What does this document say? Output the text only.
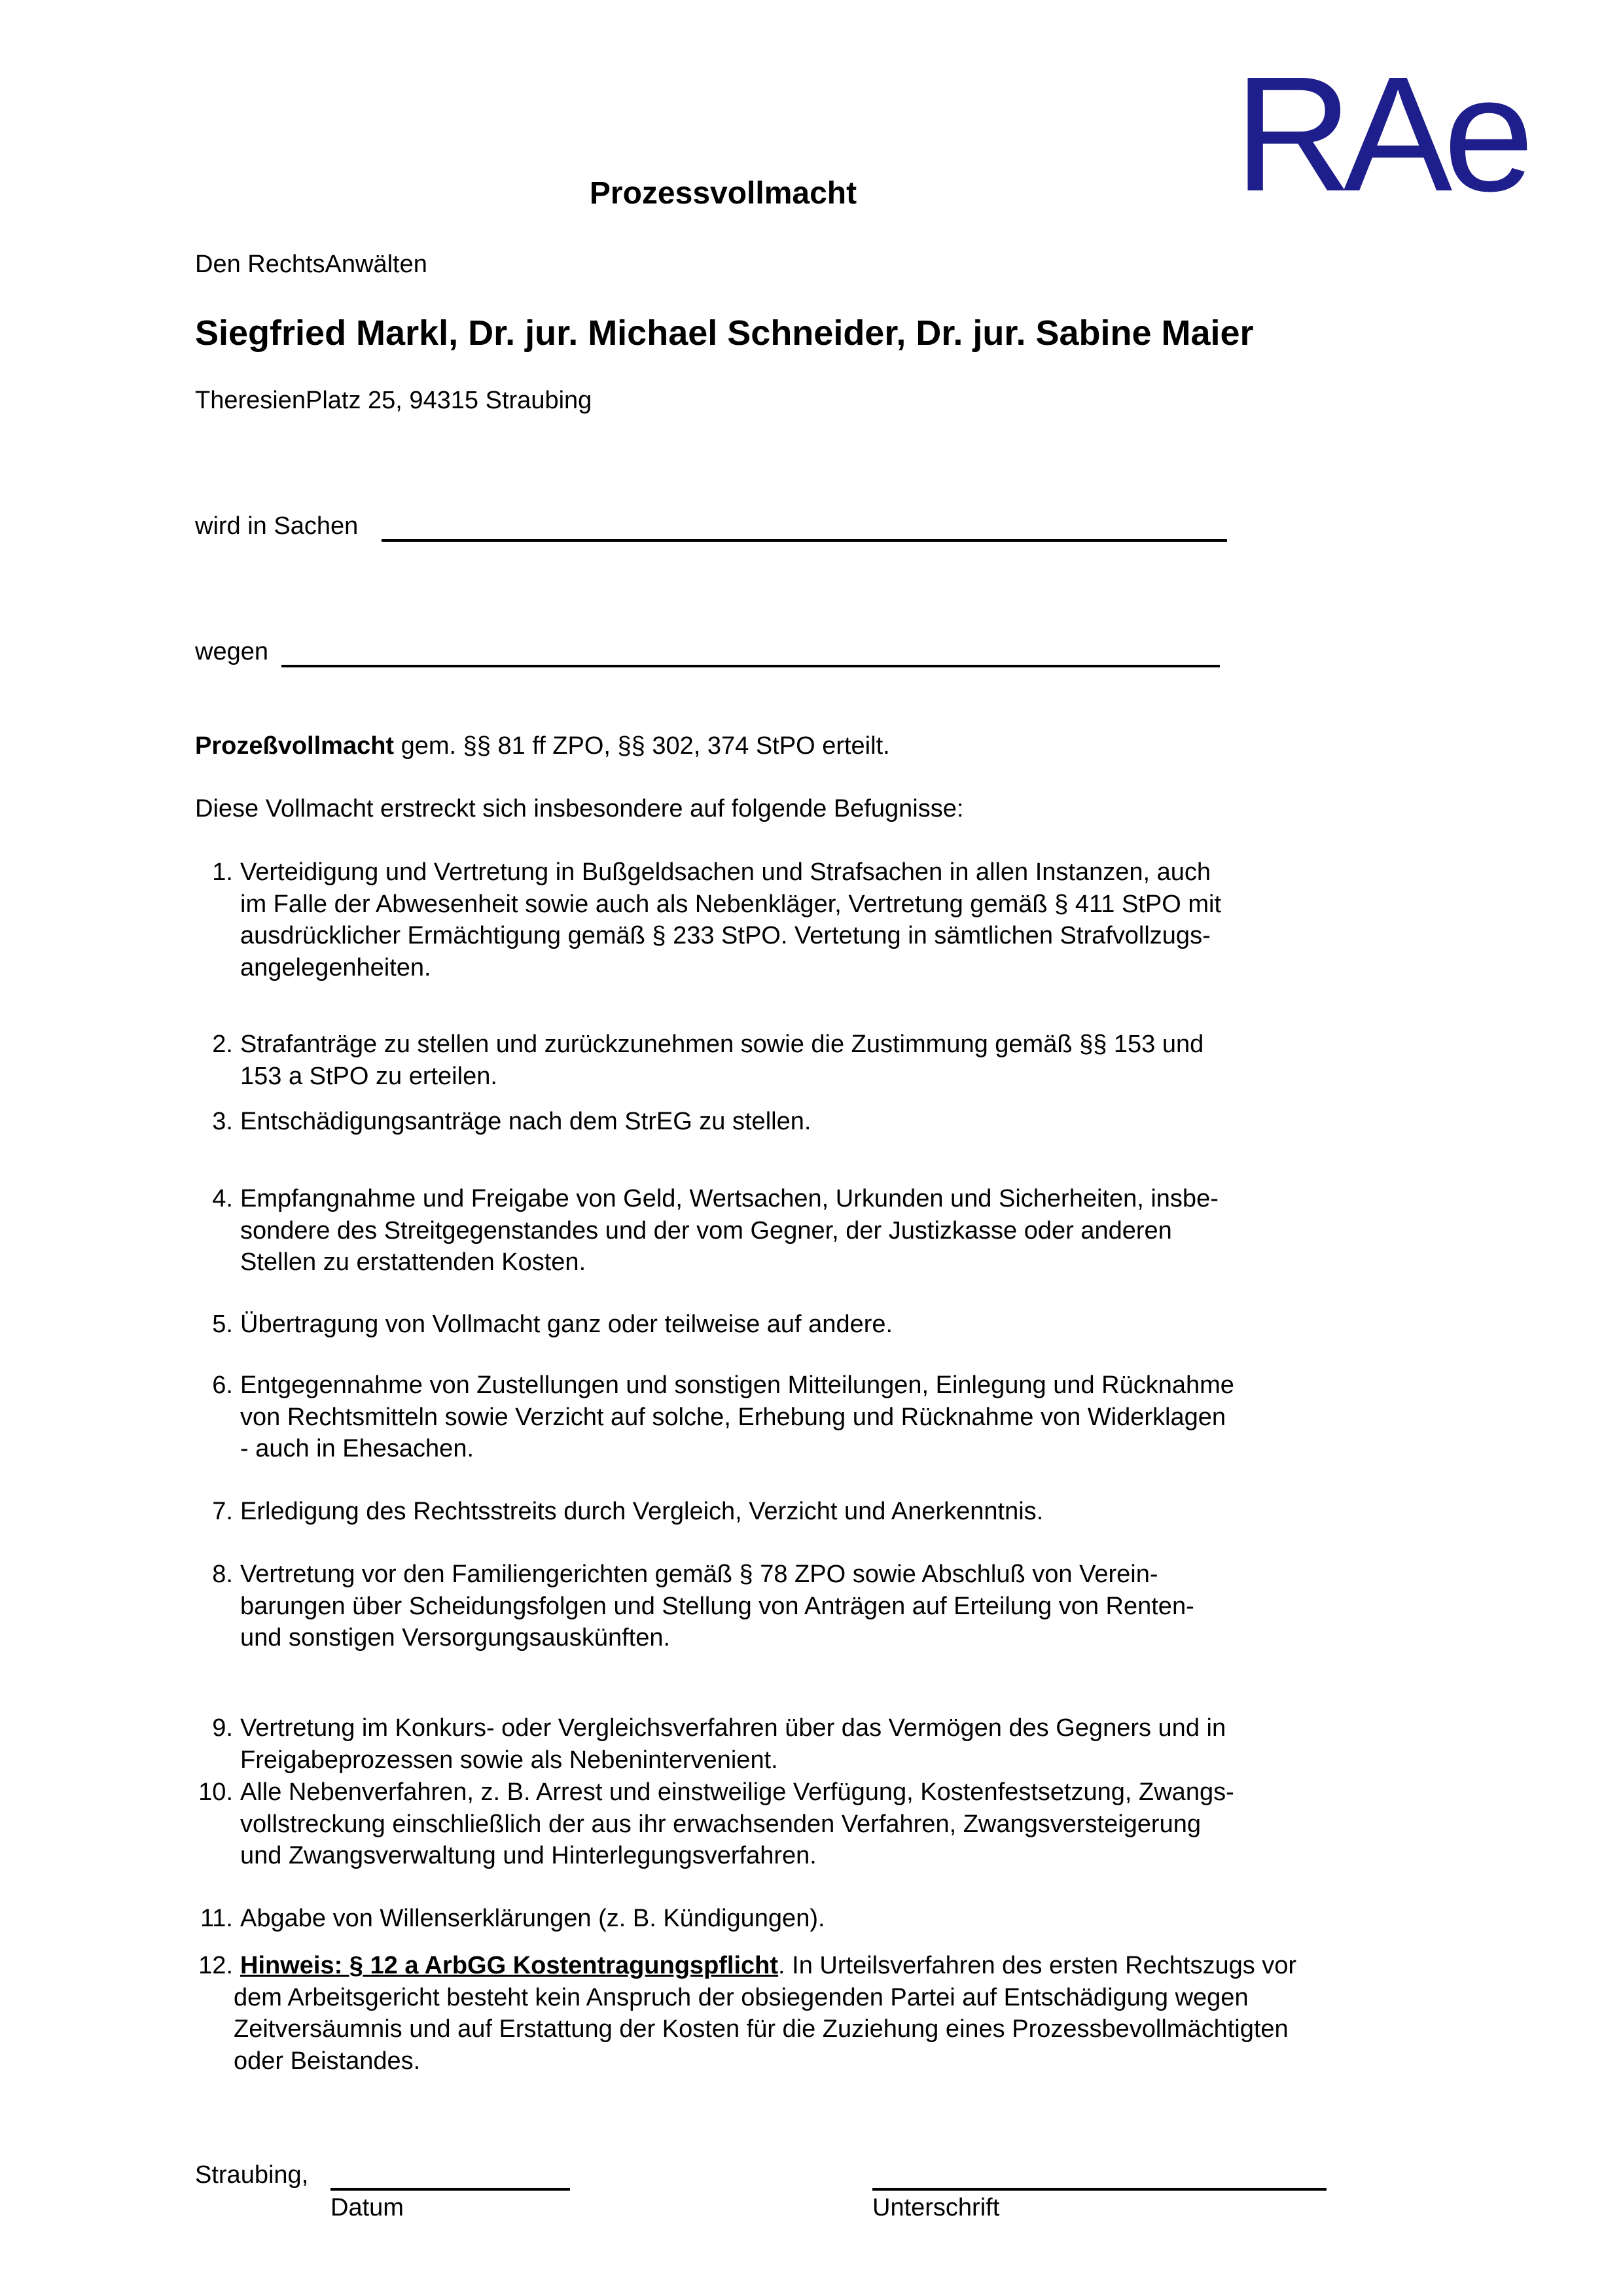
RAe
Prozessvollmacht
Den RechtsAnwälten
Siegfried Markl, Dr. jur. Michael Schneider, Dr. jur. Sabine Maier
TheresienPlatz 25, 94315 Straubing
wird in Sachen
wegen
Prozeßvollmacht gem. §§ 81 ff ZPO, §§ 302, 374 StPO erteilt.
Diese Vollmacht erstreckt sich insbesondere auf folgende Befugnisse:
1. Verteidigung und Vertretung in Bußgeldsachen und Strafsachen in allen Instanzen, auch
im Falle der Abwesenheit sowie auch als Nebenkläger, Vertretung gemäß § 411 StPO mit
ausdrücklicher Ermächtigung gemäß § 233 StPO. Vertetung in sämtlichen Strafvollzugs-
angelegenheiten.
2. Strafanträge zu stellen und zurückzunehmen sowie die Zustimmung gemäß §§ 153 und
153 a StPO zu erteilen.
3. Entschädigungsanträge nach dem StrEG zu stellen.
4. Empfangnahme und Freigabe von Geld, Wertsachen, Urkunden und Sicherheiten, insbe-
sondere des Streitgegenstandes und der vom Gegner, der Justizkasse oder anderen
Stellen zu erstattenden Kosten.
5. Übertragung von Vollmacht ganz oder teilweise auf andere.
6. Entgegennahme von Zustellungen und sonstigen Mitteilungen, Einlegung und Rücknahme
von Rechtsmitteln sowie Verzicht auf solche, Erhebung und Rücknahme von Widerklagen
- auch in Ehesachen.
7. Erledigung des Rechtsstreits durch Vergleich, Verzicht und Anerkenntnis.
8. Vertretung vor den Familiengerichten gemäß § 78 ZPO sowie Abschluß von Verein-
barungen über Scheidungsfolgen und Stellung von Anträgen auf Erteilung von Renten-
und sonstigen Versorgungsauskünften.
9. Vertretung im Konkurs- oder Vergleichsverfahren über das Vermögen des Gegners und in
Freigabeprozessen sowie als Nebenintervenient.
10. Alle Nebenverfahren, z. B. Arrest und einstweilige Verfügung, Kostenfestsetzung, Zwangs-
vollstreckung einschließlich der aus ihr erwachsenden Verfahren, Zwangsversteigerung
und Zwangsverwaltung und Hinterlegungsverfahren.
11. Abgabe von Willenserklärungen (z. B. Kündigungen).
12. Hinweis: § 12 a ArbGG Kostentragungspflicht. In Urteilsverfahren des ersten Rechtszugs vor
dem Arbeitsgericht besteht kein Anspruch der obsiegenden Partei auf Entschädigung wegen
Zeitversäumnis und auf Erstattung der Kosten für die Zuziehung eines Prozessbevollmächtigten
oder Beistandes.
Straubing,
Datum	Unterschrift
